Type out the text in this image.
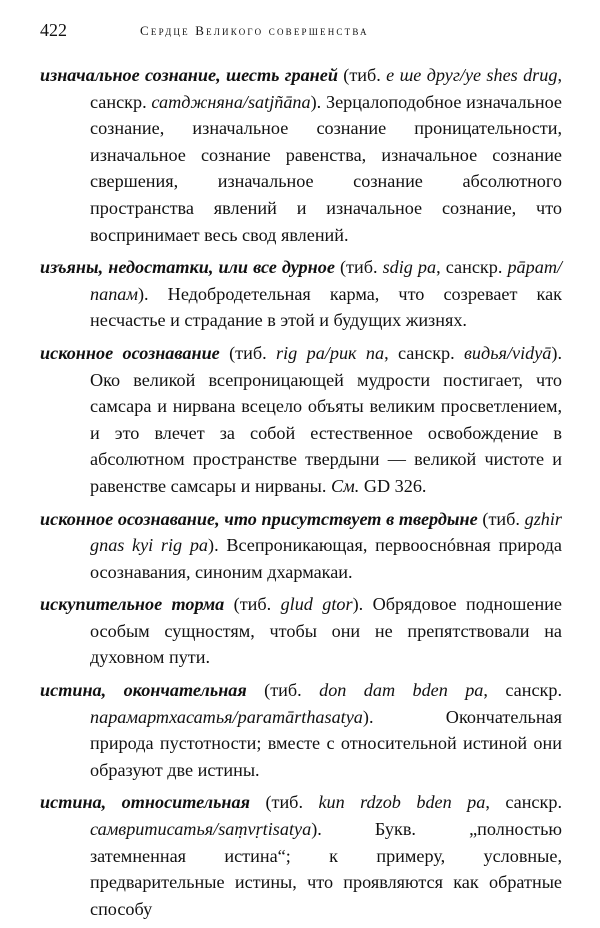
422	Сердце Великого совершенства

изначальное сознание, шесть граней (тиб. е ше друг/ye shes drug, санскр. сатджняна/satjñāna). Зерцалоподобное изначальное сознание, изначальное сознание проницательности, изначальное сознание равенства, изначальное сознание свершения, изначальное сознание абсолютного пространства явлений и изначальное сознание, что воспринимает весь свод явлений.

изъяны, недостатки, или все дурное (тиб. sdig pa, санскр. pāpam/папам). Недобродетельная карма, что созревает как несчастье и страдание в этой и будущих жизнях.

исконное осознавание (тиб. rig pa/рик па, санскр. видья/vidyā). Око великой всепроницающей мудрости постигает, что самсара и нирвана всецело объяты великим просветлением, и это влечет за собой естественное освобождение в абсолютном пространстве твердыни — великой чистоте и равенстве самсары и нирваны. См. GD 326.

исконное осознавание, что присутствует в твердыне (тиб. gzhir gnas kyi rig pa). Всепроникающая, первооснóвная природа осознавания, синоним дхармакаи.

искупительное торма (тиб. glud gtor). Обрядовое подношение особым сущностям, чтобы они не препятствовали на духовном пути.

истина, окончательная (тиб. don dam bden pa, санскр. парамартхасатья/paramārthasatya). Окончательная природа пустотности; вместе с относительной истиной они образуют две истины.

истина, относительная (тиб. kun rdzob bden pa, санскр. самвритисатья/saṃvṛtisatya). Букв. „полностью затемненная истина“; к примеру, условные, предварительные истины, что проявляются как обратные способу
